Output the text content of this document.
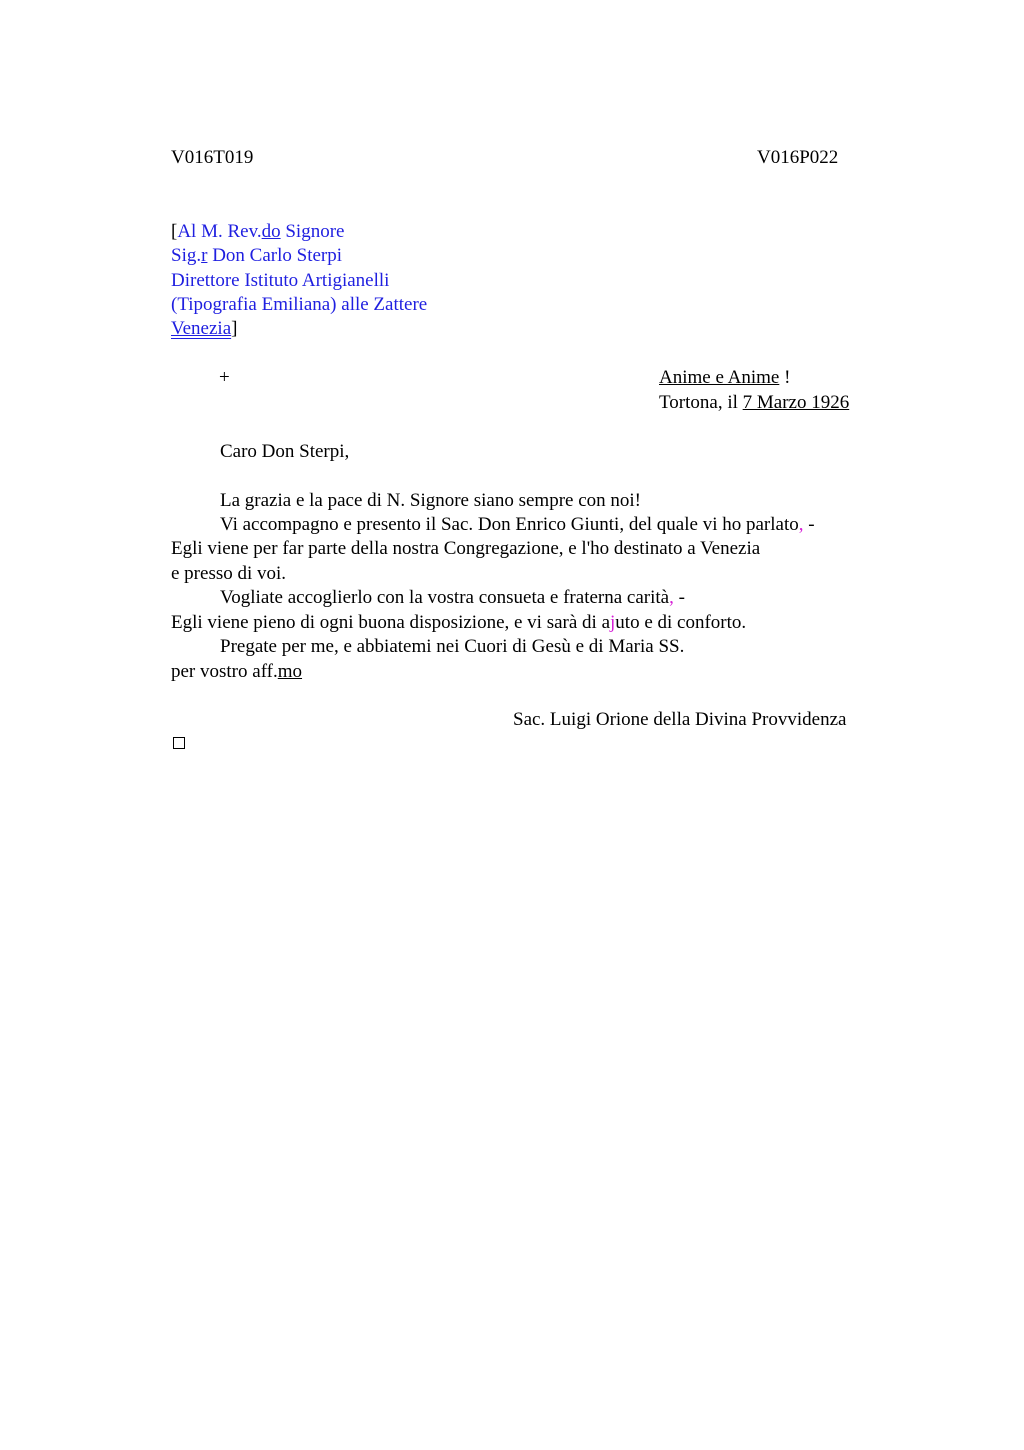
V016T019	V016P022
[Al M. Rev.do Signore
Sig.r Don Carlo Sterpi
Direttore Istituto Artigianelli
(Tipografia Emiliana) alle Zattere
Venezia]
+	Anime e Anime !
Tortona, il 7 Marzo 1926
Caro Don Sterpi,
La grazia e la pace di N. Signore siano sempre con noi!
Vi accompagno e presento il Sac. Don Enrico Giunti, del quale vi ho parlato, -
Egli viene per far parte della nostra Congregazione, e l'ho destinato a Venezia
e presso di voi.
Vogliate accoglierlo con la vostra consueta e fraterna carità, -
Egli viene pieno di ogni buona disposizione, e vi sarà di ajuto e di conforto.
Pregate per me, e abbiatemi nei Cuori di Gesù e di Maria SS.
per vostro aff.mo
Sac. Luigi Orione della Divina Provvidenza
